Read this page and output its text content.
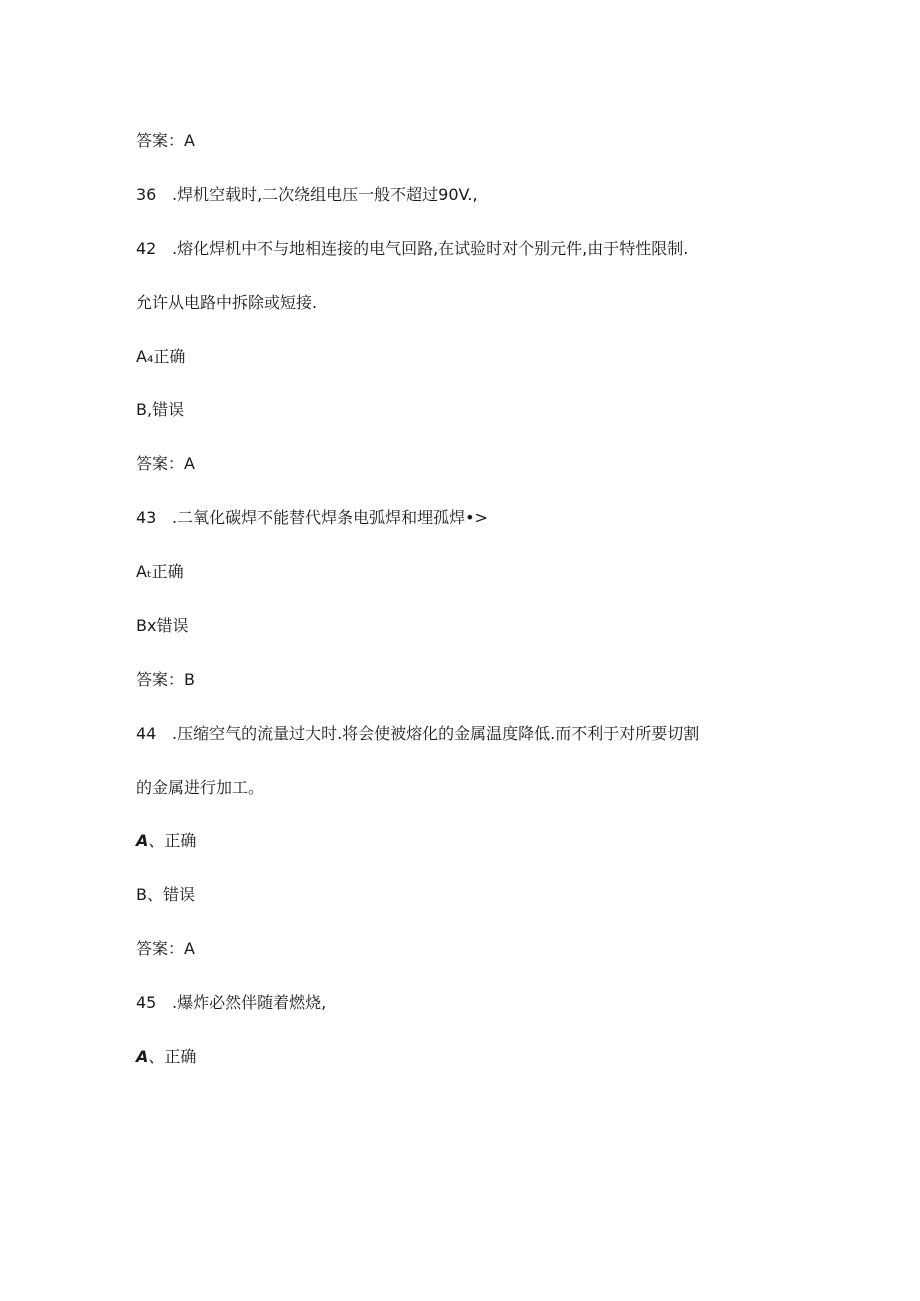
答案：A
36 .焊机空载时,二次绕组电压一般不超过90V.,
42 .熔化焊机中不与地相连接的电气回路,在试验时对个别元件,由于特性限制.
允许从电路中拆除或短接.
A₄正确
B,错误
答案：A
43 .二氧化碳焊不能替代焊条电弧焊和埋孤焊•>
Aₜ正确
Bx错误
答案：B
44 .压缩空气的流量过大时.将会使被熔化的金属温度降低.而不利于对所要切割
的金属进行加工。
A、正确
B、错误
答案：A
45 .爆炸必然伴随着燃烧,
A、正确
